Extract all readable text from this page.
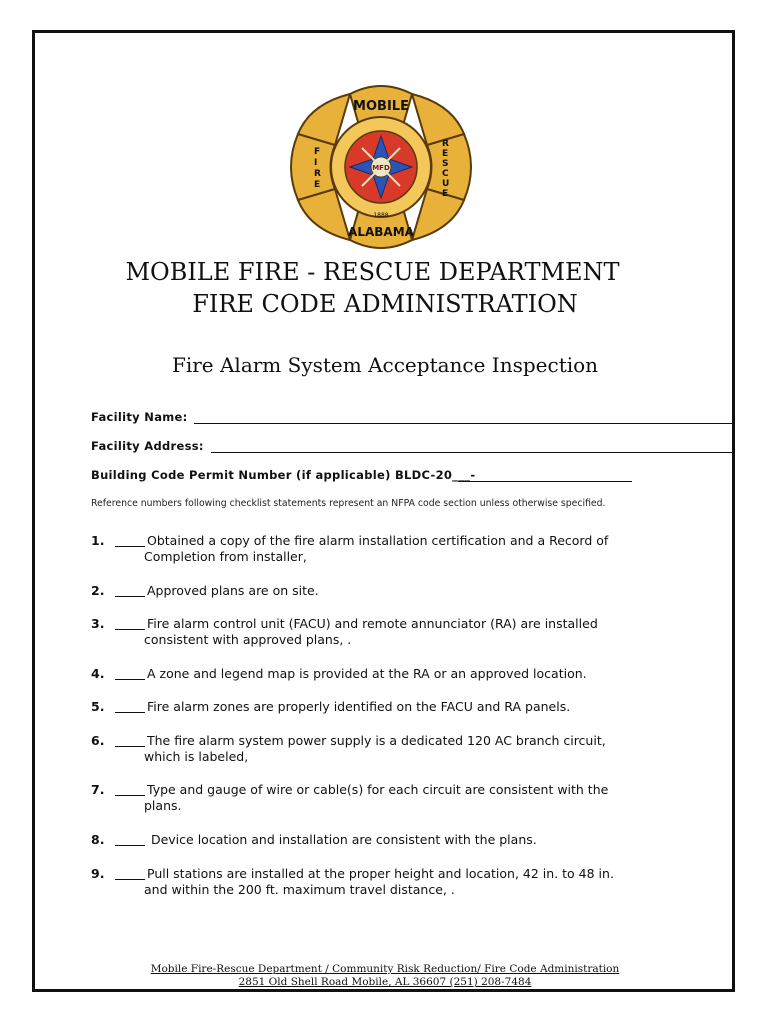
MOBILE
ALABAMA
1888
MFD
F I R E
R E S C U E
MOBILE FIRE - RESCUE DEPARTMENT
FIRE CODE ADMINISTRATION
Fire Alarm System Acceptance Inspection
Facility Name:
Facility Address:
Building Code Permit Number (if applicable) BLDC-20___-
Reference numbers following checklist statements represent an NFPA code section unless otherwise specified.
1.	Obtained a copy of the fire alarm installation certification and a Record of
Completion from installer,
2.	Approved plans are on site.
3.	Fire alarm control unit (FACU) and remote annunciator (RA) are installed
consistent with approved plans, .
4.	A zone and legend map is provided at the RA or an approved location.
5.	Fire alarm zones are properly identified on the FACU and RA panels.
6.	The fire alarm system power supply is a dedicated 120 AC branch circuit,
which is labeled,
7.	Type and gauge of wire or cable(s) for each circuit are consistent with the
plans.
8.	Device location and installation are consistent with the plans.
9.	Pull stations are installed at the proper height and location, 42 in. to 48 in.
and within the 200 ft. maximum travel distance, .
Mobile Fire-Rescue Department / Community Risk Reduction/ Fire Code Administration
2851 Old Shell Road Mobile, AL 36607 (251) 208-7484
